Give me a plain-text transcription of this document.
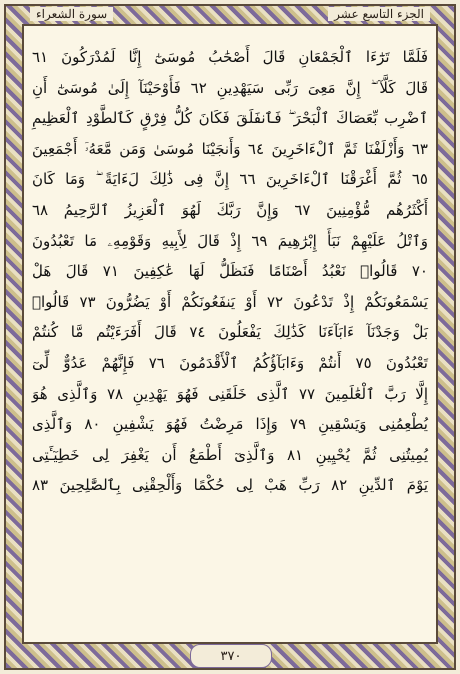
الجزء التاسع عشر
سورة الشعراء
فَلَمَّا تَرَٰٓءَا ٱلْجَمْعَانِ قَالَ أَصْحَٰبُ مُوسَىٰٓ إِنَّا لَمُدْرَكُونَ ٦١
قَالَ كَلَّآ ۖ إِنَّ مَعِىَ رَبِّى سَيَهْدِينِ ٦٢ فَأَوْحَيْنَآ إِلَىٰ مُوسَىٰٓ أَنِ
ٱضْرِب بِّعَصَاكَ ٱلْبَحْرَ ۖ فَٱنفَلَقَ فَكَانَ كُلُّ فِرْقٍ كَٱلطَّوْدِ ٱلْعَظِيمِ
٦٣ وَأَزْلَفْنَا ثَمَّ ٱلْءَاخَرِينَ ٦٤ وَأَنجَيْنَا مُوسَىٰ وَمَن مَّعَهُۥٓ أَجْمَعِينَ
٦٥ ثُمَّ أَغْرَقْنَا ٱلْءَاخَرِينَ ٦٦ إِنَّ فِى ذَٰلِكَ لَءَايَةً ۖ وَمَا كَانَ
أَكْثَرُهُم مُّؤْمِنِينَ ٦٧ وَإِنَّ رَبَّكَ لَهُوَ ٱلْعَزِيزُ ٱلرَّحِيمُ ٦٨
وَٱتْلُ عَلَيْهِمْ نَبَأَ إِبْرَٰهِيمَ ٦٩ إِذْ قَالَ لِأَبِيهِ وَقَوْمِهِۦ مَا تَعْبُدُونَ
٧٠ قَالُوا۟ نَعْبُدُ أَصْنَامًا فَنَظَلُّ لَهَا عَٰكِفِينَ ٧١ قَالَ هَلْ
يَسْمَعُونَكُمْ إِذْ تَدْعُونَ ٧٢ أَوْ يَنفَعُونَكُمْ أَوْ يَضُرُّونَ ٧٣ قَالُوا۟
بَلْ وَجَدْنَآ ءَابَآءَنَا كَذَٰلِكَ يَفْعَلُونَ ٧٤ قَالَ أَفَرَءَيْتُم مَّا كُنتُمْ
تَعْبُدُونَ ٧٥ أَنتُمْ وَءَابَآؤُكُمُ ٱلْأَقْدَمُونَ ٧٦ فَإِنَّهُمْ عَدُوٌّ لِّىٓ
إِلَّا رَبَّ ٱلْعَٰلَمِينَ ٧٧ ٱلَّذِى خَلَقَنِى فَهُوَ يَهْدِينِ ٧٨ وَٱلَّذِى هُوَ
يُطْعِمُنِى وَيَسْقِينِ ٧٩ وَإِذَا مَرِضْتُ فَهُوَ يَشْفِينِ ٨٠ وَٱلَّذِى
يُمِيتُنِى ثُمَّ يُحْيِينِ ٨١ وَٱلَّذِىٓ أَطْمَعُ أَن يَغْفِرَ لِى خَطِيٓـَٔتِى
يَوْمَ ٱلدِّينِ ٨٢ رَبِّ هَبْ لِى حُكْمًا وَأَلْحِقْنِى بِٱلصَّٰلِحِينَ ٨٣
٣٧٠
